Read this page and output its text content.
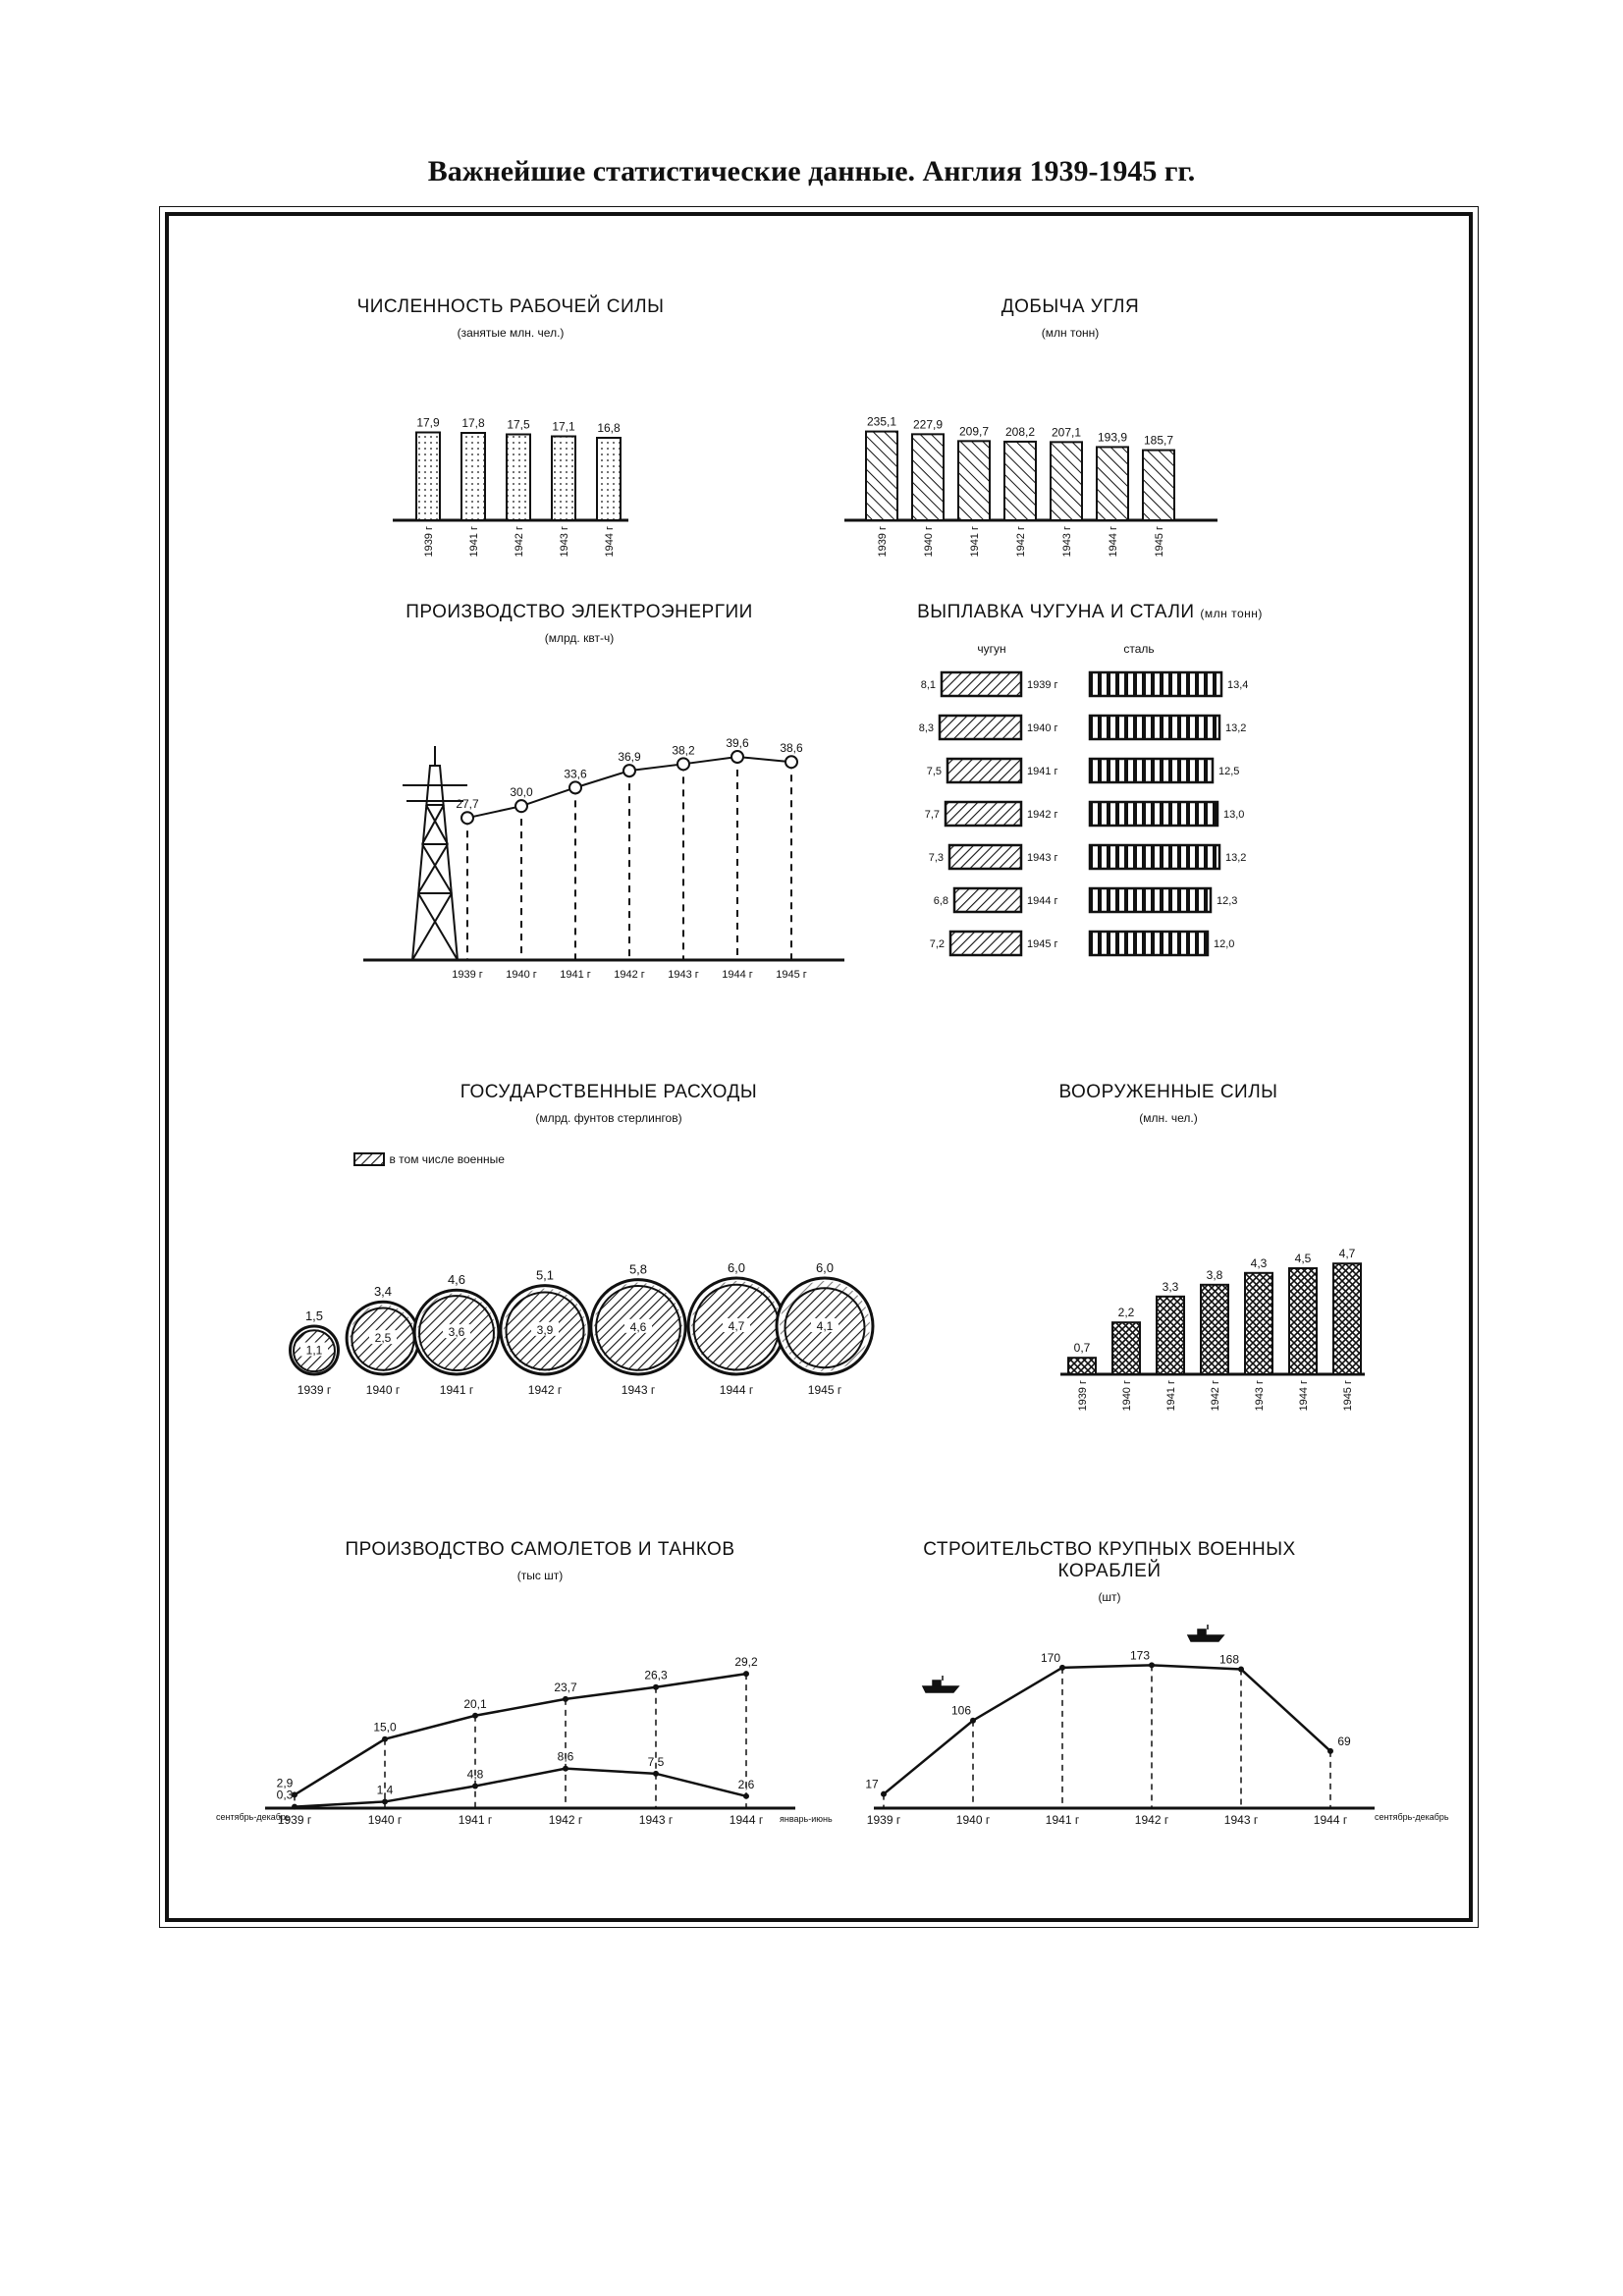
Важнейшие статистические данные. Англия 1939-1945 гг.
ЧИСЛЕННОСТЬ РАБОЧЕЙ СИЛЫ
(занятые млн. чел.)
ДОБЫЧА УГЛЯ
(млн тонн)
ПРОИЗВОДСТВО ЭЛЕКТРОЭНЕРГИИ
(млрд. квт-ч)
ВЫПЛАВКА ЧУГУНА И СТАЛИ (млн тонн)
ГОСУДАРСТВЕННЫЕ РАСХОДЫ
(млрд. фунтов стерлингов)
ВООРУЖЕННЫЕ СИЛЫ
(млн. чел.)
ПРОИЗВОДСТВО САМОЛЕТОВ И ТАНКОВ
(тыс шт)
СТРОИТЕЛЬСТВО КРУПНЫХ ВОЕННЫХ КОРАБЛЕЙ
(шт)
в том числе военные
17,9
1939 г
17,8
1941 г
17,5
1942 г
17,1
1943 г
16,8
1944 г
235,1
1939 г
227,9
1940 г
209,7
1941 г
208,2
1942 г
207,1
1943 г
193,9
1944 г
185,7
1945 г
27,7
1939 г
30,0
1940 г
33,6
1941 г
36,9
1942 г
38,2
1943 г
39,6
1944 г
38,6
1945 г
чугун	сталь
8,1	1939 г	13,4
8,3	1940 г	13,2
7,5	1941 г	12,5
7,7	1942 г	13,0
7,3	1943 г	13,2
6,8	1944 г	12,3
7,2	1945 г	12,0
1,5
1,1
1939 г
3,4
2,5
1940 г
4,6
3,6
1941 г
5,1
3,9
1942 г
5,8
4,6
1943 г
6,0
4,7
1944 г
6,0
4,1
1945 г
0,7
1939 г
2,2
1940 г
3,3
1941 г
3,8
1942 г
4,3
1943 г
4,5
1944 г
4,7
1945 г
сентябрь-декабрь	январь-июнь
1939 г	1940 г	1941 г	1942 г	1943 г	1944 г
2,9
15,0
20,1
23,7
26,3
29,2
0,3	1,4
4,8
8,6	7,5
2,6
сентябрь-декабрь
17
1939 г
106
1940 г
170
1941 г
173
1942 г
168
1943 г
69
1944 г
